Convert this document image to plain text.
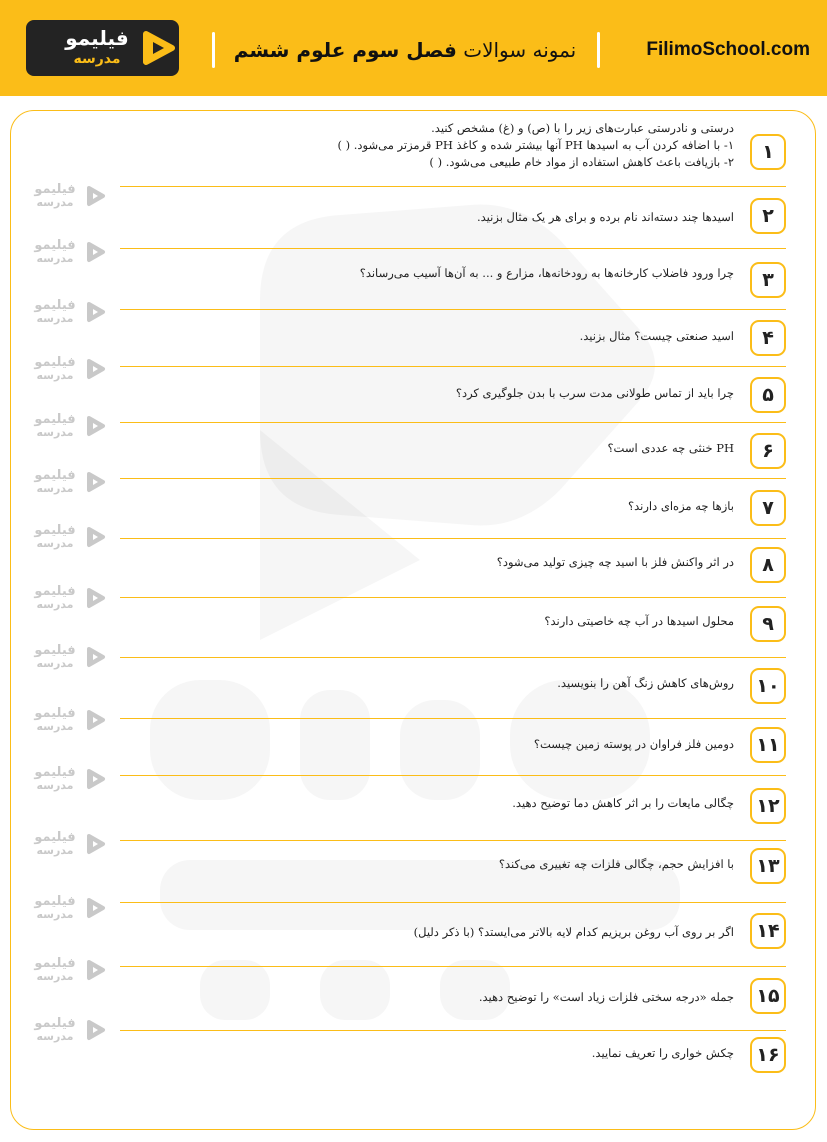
فیلیمو
مدرسه	نمونه سوالات فصل سوم علوم ششم	FilimoSchool.com
فیلیمو
مدرسه
فیلیمو
مدرسه
فیلیمو
مدرسه
فیلیمو
مدرسه
فیلیمو
مدرسه
فیلیمو
مدرسه
فیلیمو
مدرسه
فیلیمو
مدرسه
فیلیمو
مدرسه
فیلیمو
مدرسه
فیلیمو
مدرسه
فیلیمو
مدرسه
فیلیمو
مدرسه
فیلیمو
مدرسه
فیلیمو
مدرسه
۱
درستی و نادرستی عبارت‌های زیر را با (ص) و (غ) مشخص کنید.
۱- با اضافه کردن آب به اسیدها PH آنها بیشتر شده و کاغذ PH قرمزتر می‌شود. ( )
۲- بازیافت باعث کاهش استفاده از مواد خام طبیعی می‌شود. ( )
۲
اسیدها چند دسته‌اند نام برده و برای هر یک مثال بزنید.
۳
چرا ورود فاضلاب کارخانه‌ها به رودخانه‌ها، مزارع و ... به آن‌ها آسیب می‌رساند؟
۴
اسید صنعتی چیست؟ مثال بزنید.
۵
چرا باید از تماس طولانی مدت سرب با بدن جلوگیری کرد؟
۶
PH خنثی چه عددی است؟
۷
بازها چه مزه‌ای دارند؟
۸
در اثر واکنش فلز با اسید چه چیزی تولید می‌شود؟
۹
محلول اسیدها در آب چه خاصیتی دارند؟
۱۰
روش‌های کاهش زنگ آهن را بنویسید.
۱۱
دومین فلز فراوان در پوسته زمین چیست؟
۱۲
چگالی مایعات را بر اثر کاهش دما توضیح دهید.
۱۳
با افزایش حجم، چگالی فلزات چه تغییری می‌کند؟
۱۴
اگر بر روی آب روغن بریزیم کدام لایه بالاتر می‌ایستد؟ (با ذکر دلیل)
۱۵
جمله «درجه سختی فلزات زیاد است» را توضیح دهید.
۱۶
چکش خواری را تعریف نمایید.
